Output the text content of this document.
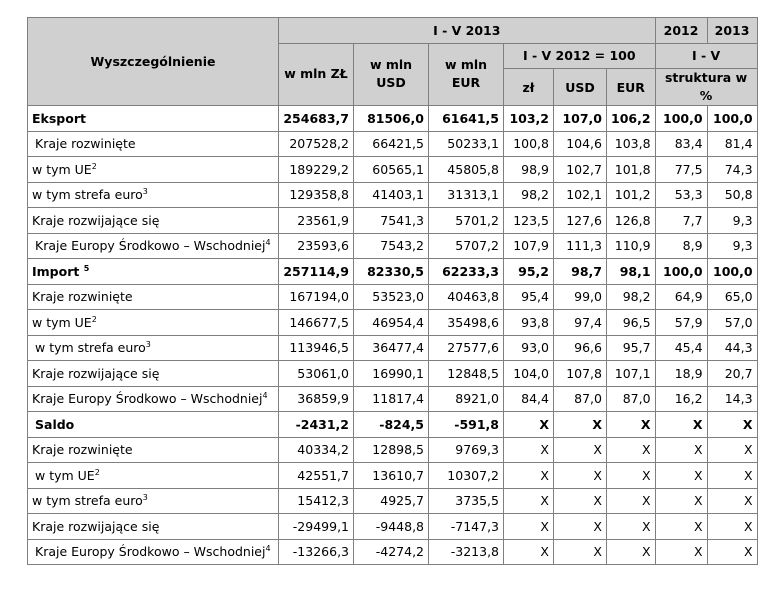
Wyszczególnienie	I - V 2013						2012	2013
	w mln ZŁ	w mln USD	w mln EUR	I - V 2012 = 100			I - V	
				zł	USD	EUR	struktura w %	
Eksport	254683,7	81506,0	61641,5	103,2	107,0	106,2	100,0	100,0
Kraje rozwinięte	207528,2	66421,5	50233,1	100,8	104,6	103,8	83,4	81,4
w tym $UE^2$	189229,2	60565,1	45805,8	98,9	102,7	101,8	77,5	74,3
w tym strefa euro$^3$	129358,8	41403,1	31313,1	98,2	102,1	101,2	53,3	50,8
Kraje rozwijające się	23561,9	7541,3	5701,2	123,5	127,6	126,8	7,7	9,3
Kraje Europy Środkowo – Wschodniej$^4$	23593,6	7543,2	5707,2	107,9	111,3	110,9	8,9	9,3
Import $^5$	257114,9	82330,5	62233,3	95,2	98,7	98,1	100,0	100,0
Kraje rozwinięte	167194,0	53523,0	40463,8	95,4	99,0	98,2	64,9	65,0
w tym $UE^2$	146677,5	46954,4	35498,6	93,8	97,4	96,5	57,9	57,0
w tym strefa euro$^3$	113946,5	36477,4	27577,6	93,0	96,6	95,7	45,4	44,3
Kraje rozwijające się	53061,0	16990,1	12848,5	104,0	107,8	107,1	18,9	20,7
Kraje Europy Środkowo – Wschodniej$^4$	36859,9	11817,4	8921,0	84,4	87,0	87,0	16,2	14,3
Saldo	-2431,2	-824,5	-591,8	X	X	X	X	X
Kraje rozwinięte	40334,2	12898,5	9769,3	X	X	X	X	X
w tym $UE^2$	42551,7	13610,7	10307,2	X	X	X	X	X
w tym strefa euro$^3$	15412,3	4925,7	3735,5	X	X	X	X	X
Kraje rozwijające się	-29499,1	-9448,8	-7147,3	X	X	X	X	X
Kraje Europy Środkowo – Wschodniej$^4$	-13266,3	-4274,2	-3213,8	X	X	X	X	X
